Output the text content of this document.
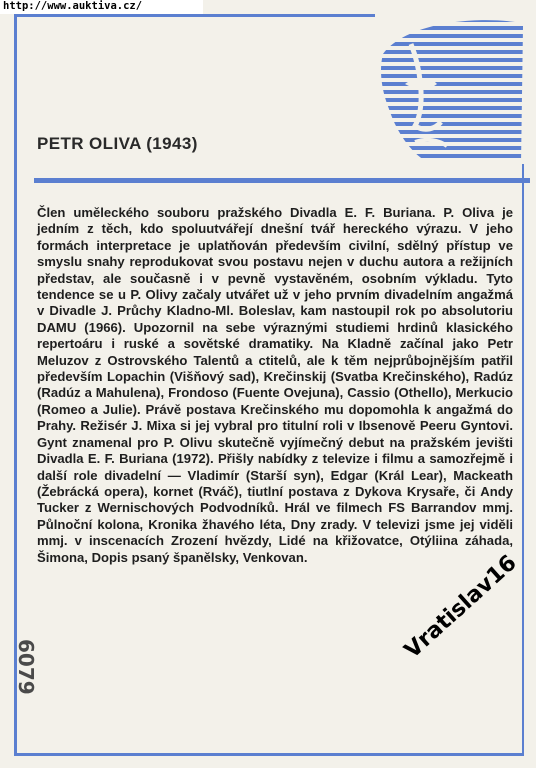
http://www.auktiva.cz/
PETR OLIVA (1943)

Člen uměleckého souboru pražského Divadla E. F. Buriana. P. Oliva je jedním z těch, kdo spoluutvářejí dnešní tvář hereckého výrazu. V jeho formách interpretace je uplatňován především civilní, sdělný přístup ve smyslu snahy reprodukovat svou postavu nejen v duchu autora a režijních představ, ale současně i v pevně vystavěném, osobním výkladu. Tyto tendence se u P. Olivy začaly utvářet už v jeho prvním divadelním angažmá v Divadle J. Průchy Kladno-Ml. Boleslav, kam nastoupil rok po absolutoriu DAMU (1966). Upozornil na sebe výraznými studiemi hrdinů klasického repertoáru i ruské a sovětské dramatiky. Na Kladně začínal jako Petr Meluzov z Ostrovského Talentů a ctitelů, ale k těm nejprůbojnějším patřil především Lopachin (Višňový sad), Krečinskij (Svatba Krečinského), Radúz (Radúz a Mahulena), Frondoso (Fuente Ovejuna), Cassio (Othello), Merkucio (Romeo a Julie). Právě postava Krečinského mu dopomohla k angažmá do Prahy. Režisér J. Mixa si jej vybral pro titulní roli v Ibsenově Peeru Gyntovi. Gynt znamenal pro P. Olivu skutečně vyjímečný debut na pražském jevišti Divadla E. F. Buriana (1972). Přišly nabídky z televize i filmu a samozřejmě i další role divadelní — Vladimír (Starší syn), Edgar (Král Lear), Mackeath (Žebrácká opera), kornet (Rváč), tiutlní postava z Dykova Krysaře, či Andy Tucker z Wernischových Podvodníků. Hrál ve filmech FS Barrandov mmj. Půlnoční kolona, Kronika žhavého léta, Dny zrady. V televizi jsme jej viděli mmj. v inscenacích Zrození hvězdy, Lidé na křižovatce, Otýliina záhada, Šimona, Dopis psaný španělsky, Venkovan.

6079
Vratislav16
